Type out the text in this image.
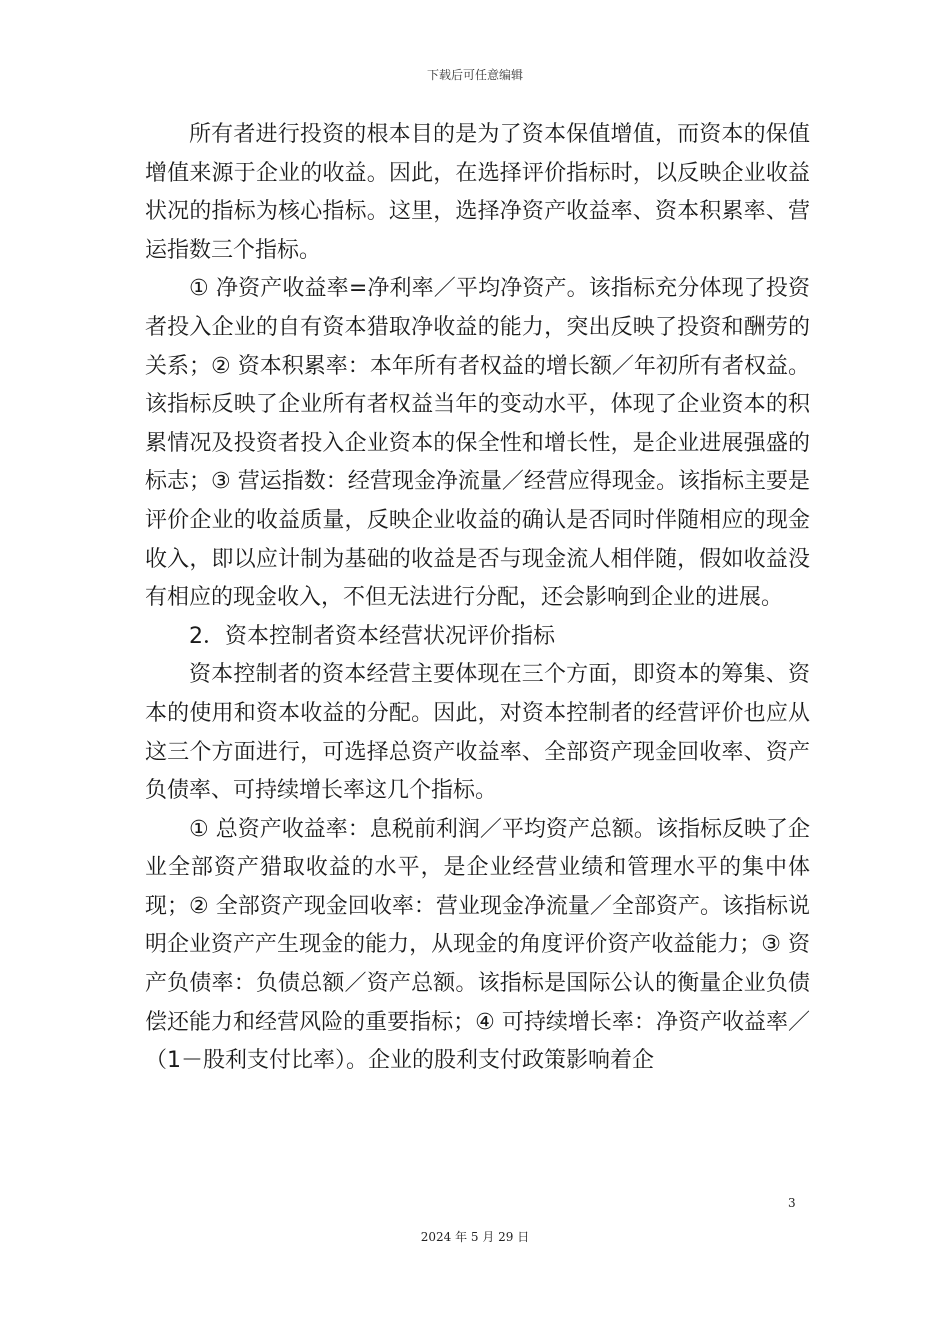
下载后可任意编辑

所有者进行投资的根本目的是为了资本保值增值，而资本的保值增值来源于企业的收益。因此，在选择评价指标时，以反映企业收益状况的指标为核心指标。这里，选择净资产收益率、资本积累率、营运指数三个指标。

① 净资产收益率=净利率／平均净资产。该指标充分体现了投资者投入企业的自有资本猎取净收益的能力，突出反映了投资和酬劳的关系；② 资本积累率：本年所有者权益的增长额／年初所有者权益。该指标反映了企业所有者权益当年的变动水平，体现了企业资本的积累情况及投资者投入企业资本的保全性和增长性，是企业进展强盛的标志；③ 营运指数：经营现金净流量／经营应得现金。该指标主要是评价企业的收益质量，反映企业收益的确认是否同时伴随相应的现金收入，即以应计制为基础的收益是否与现金流人相伴随，假如收益没有相应的现金收入，不但无法进行分配，还会影响到企业的进展。

2．资本控制者资本经营状况评价指标

资本控制者的资本经营主要体现在三个方面，即资本的筹集、资本的使用和资本收益的分配。因此，对资本控制者的经营评价也应从这三个方面进行，可选择总资产收益率、全部资产现金回收率、资产负债率、可持续增长率这几个指标。

① 总资产收益率：息税前利润／平均资产总额。该指标反映了企业全部资产猎取收益的水平，是企业经营业绩和管理水平的集中体现；② 全部资产现金回收率：营业现金净流量／全部资产。该指标说明企业资产产生现金的能力，从现金的角度评价资产收益能力；③ 资产负债率：负债总额／资产总额。该指标是国际公认的衡量企业负债偿还能力和经营风险的重要指标；④ 可持续增长率：净资产收益率／（1－股利支付比率）。企业的股利支付政策影响着企

3
2024 年 5 月 29 日
